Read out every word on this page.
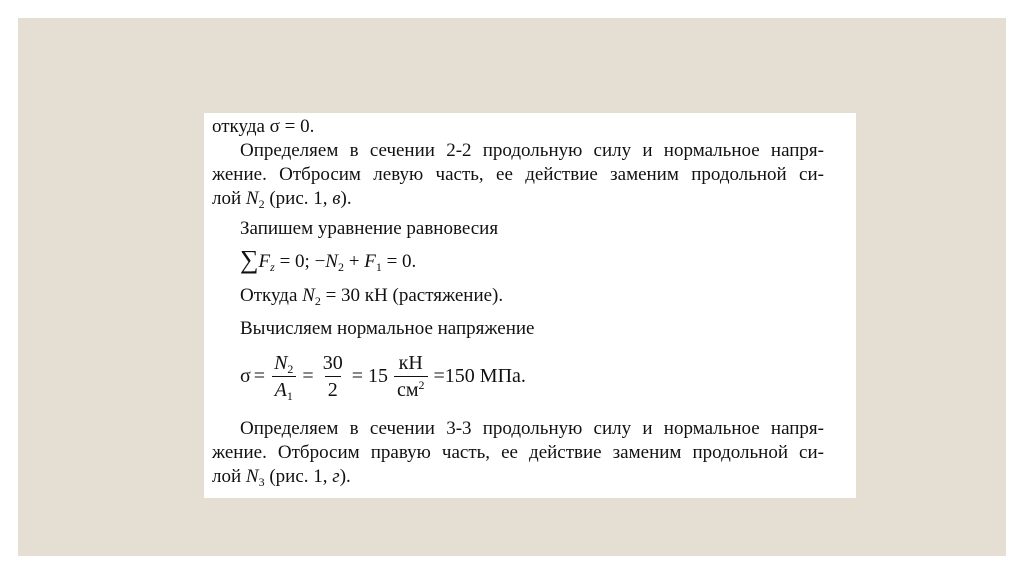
откуда σ = 0.
Определяем в сечении 2-2 продольную силу и нормальное напря-
жение. Отбросим левую часть, ее действие заменим продольной си-
лой $N_2$ (рис. 1, в).
Запишем уравнение равновесия
$\sum F_z = 0$; $-N_2 + F_1 = 0$.
Откуда $N_2 = 30$ кН (растяжение).
Вычисляем нормальное напряжение
$\sigma = \frac{N_2}{A_1} = \frac{30}{2} = 15 \frac{кН}{см^2} =150$ МПа.
Определяем в сечении 3-3 продольную силу и нормальное напря-
жение. Отбросим правую часть, ее действие заменим продольной си-
лой $N_3$ (рис. 1, г).
